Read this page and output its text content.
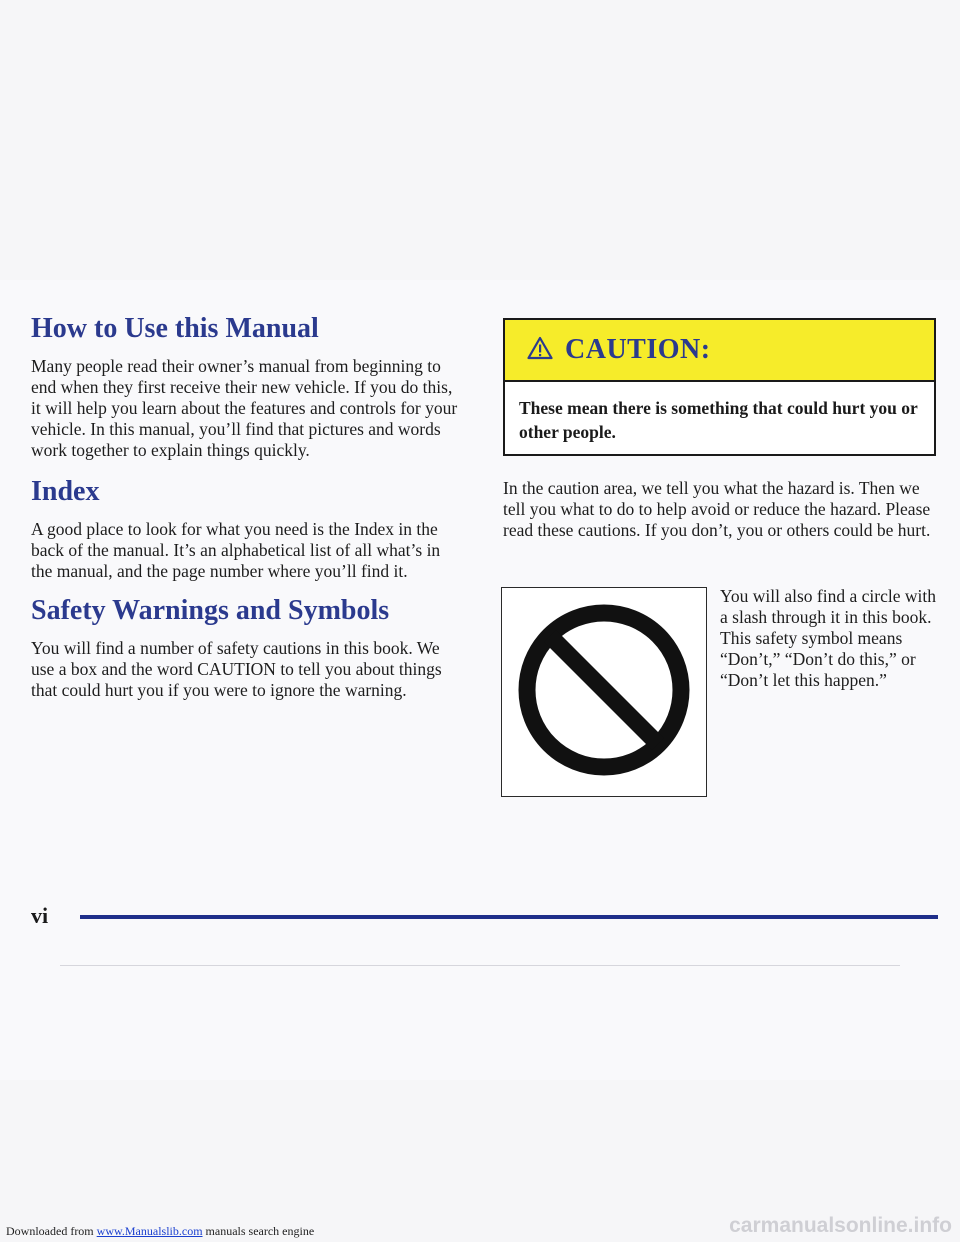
How to Use this Manual

Many people read their owner’s manual from beginning to end when they first receive their new vehicle. If you do this, it will help you learn about the features and controls for your vehicle. In this manual, you’ll find that pictures and words work together to explain things quickly.

Index

A good place to look for what you need is the Index in the back of the manual. It’s an alphabetical list of all what’s in the manual, and the page number where you’ll find it.

Safety Warnings and Symbols

You will find a number of safety cautions in this book. We use a box and the word CAUTION to tell you about things that could hurt you if you were to ignore the warning.

CAUTION:
These mean there is something that could hurt you or other people.

In the caution area, we tell you what the hazard is. Then we tell you what to do to help avoid or reduce the hazard. Please read these cautions. If you don’t, you or others could be hurt.

You will also find a circle with a slash through it in this book. This safety symbol means “Don’t,” “Don’t do this,” or “Don’t let this happen.”

vi
Downloaded from www.Manualslib.com manuals search engine	carmanualsonline.info
